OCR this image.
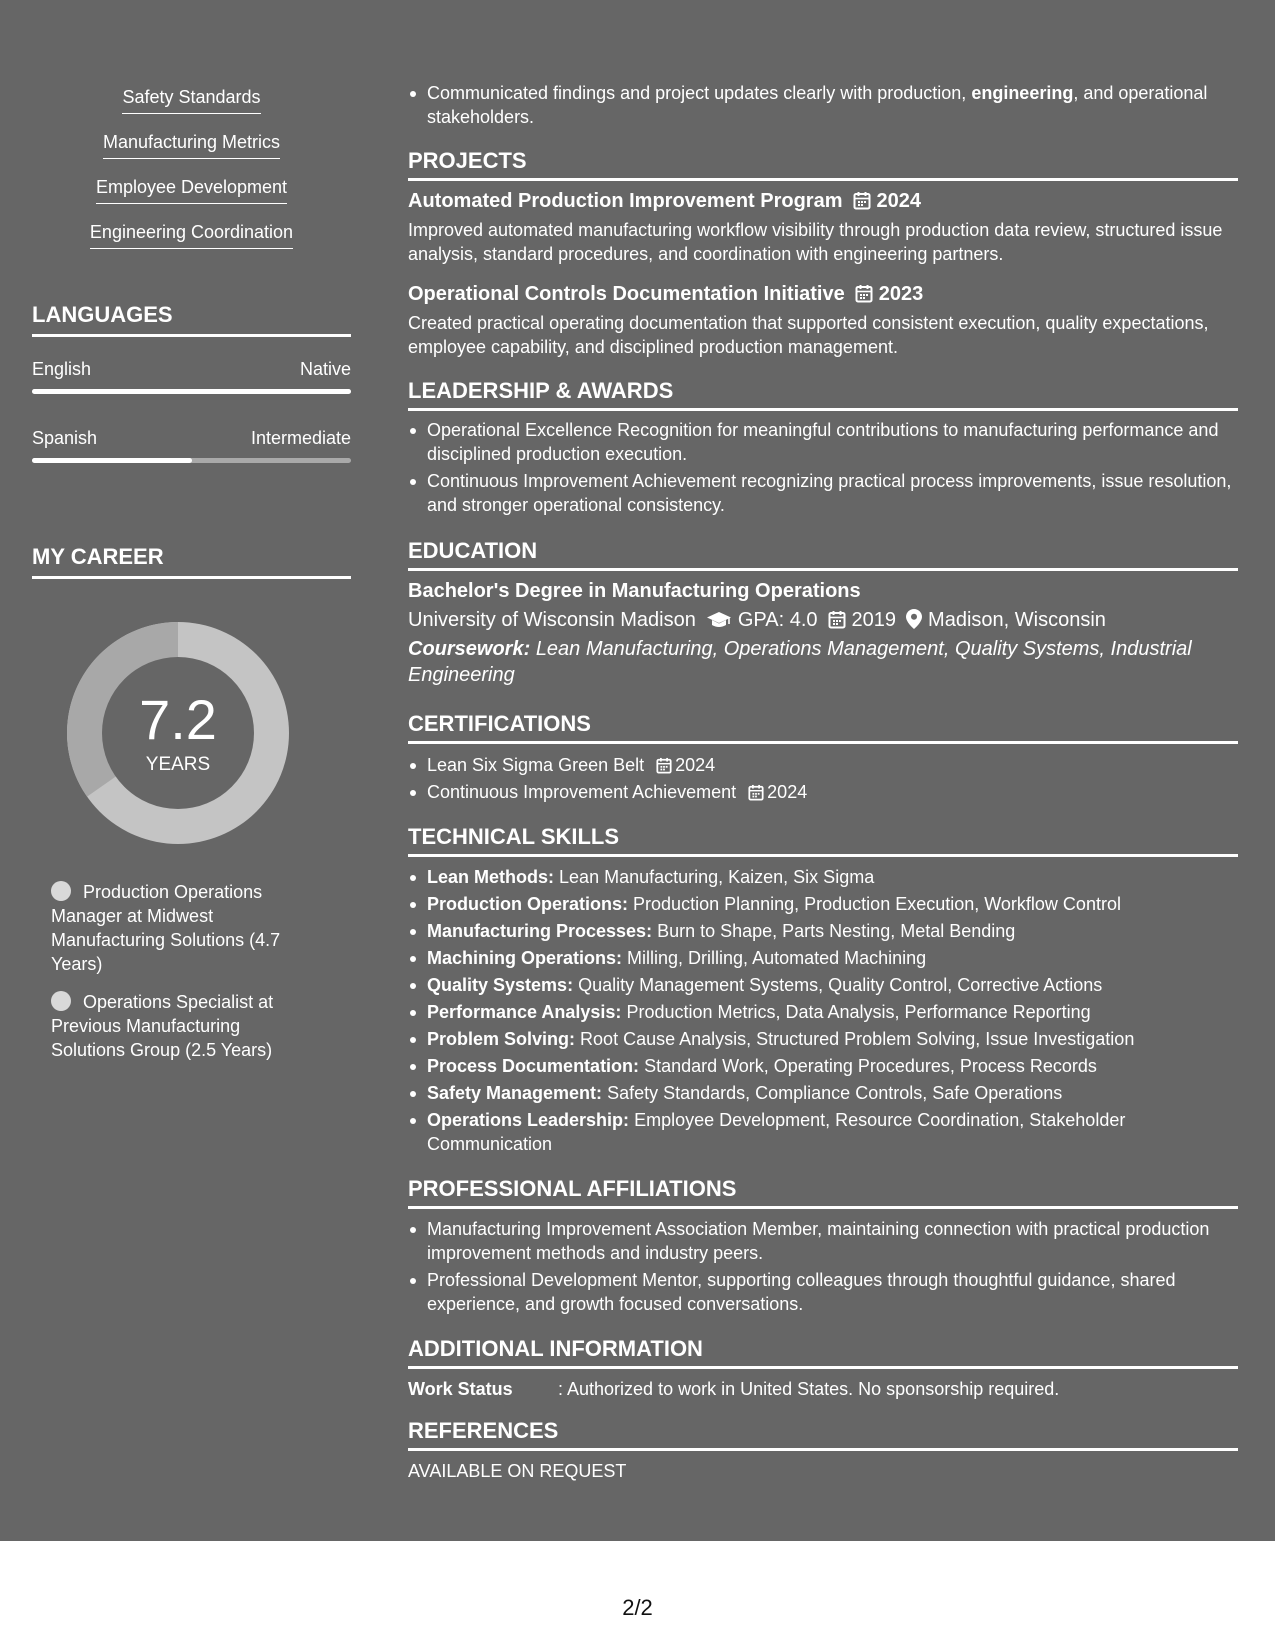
Safety Standards
Manufacturing Metrics
Employee Development
Engineering Coordination
LANGUAGES
English	Native
Spanish	Intermediate
MY CAREER
7.2
YEARS
Production Operations Manager at Midwest Manufacturing Solutions (4.7 Years)
Operations Specialist at Previous Manufacturing Solutions Group (2.5 Years)
Communicated findings and project updates clearly with production, engineering, and operational stakeholders.
PROJECTS
Automated Production Improvement Program 2024
Improved automated manufacturing workflow visibility through production data review, structured issue analysis, standard procedures, and coordination with engineering partners.
Operational Controls Documentation Initiative 2023
Created practical operating documentation that supported consistent execution, quality expectations, employee capability, and disciplined production management.
LEADERSHIP & AWARDS
Operational Excellence Recognition for meaningful contributions to manufacturing performance and disciplined production execution.
Continuous Improvement Achievement recognizing practical process improvements, issue resolution, and stronger operational consistency.
EDUCATION
Bachelor's Degree in Manufacturing Operations
University of Wisconsin Madison GPA: 4.0 2019 Madison, Wisconsin
Coursework: Lean Manufacturing, Operations Management, Quality Systems, Industrial Engineering
CERTIFICATIONS
Lean Six Sigma Green Belt 2024
Continuous Improvement Achievement 2024
TECHNICAL SKILLS
Lean Methods: Lean Manufacturing, Kaizen, Six Sigma
Production Operations: Production Planning, Production Execution, Workflow Control
Manufacturing Processes: Burn to Shape, Parts Nesting, Metal Bending
Machining Operations: Milling, Drilling, Automated Machining
Quality Systems: Quality Management Systems, Quality Control, Corrective Actions
Performance Analysis: Production Metrics, Data Analysis, Performance Reporting
Problem Solving: Root Cause Analysis, Structured Problem Solving, Issue Investigation
Process Documentation: Standard Work, Operating Procedures, Process Records
Safety Management: Safety Standards, Compliance Controls, Safe Operations
Operations Leadership: Employee Development, Resource Coordination, Stakeholder Communication
PROFESSIONAL AFFILIATIONS
Manufacturing Improvement Association Member, maintaining connection with practical production improvement methods and industry peers.
Professional Development Mentor, supporting colleagues through thoughtful guidance, shared experience, and growth focused conversations.
ADDITIONAL INFORMATION
Work Status	: Authorized to work in United States. No sponsorship required.
REFERENCES
AVAILABLE ON REQUEST
2/2
